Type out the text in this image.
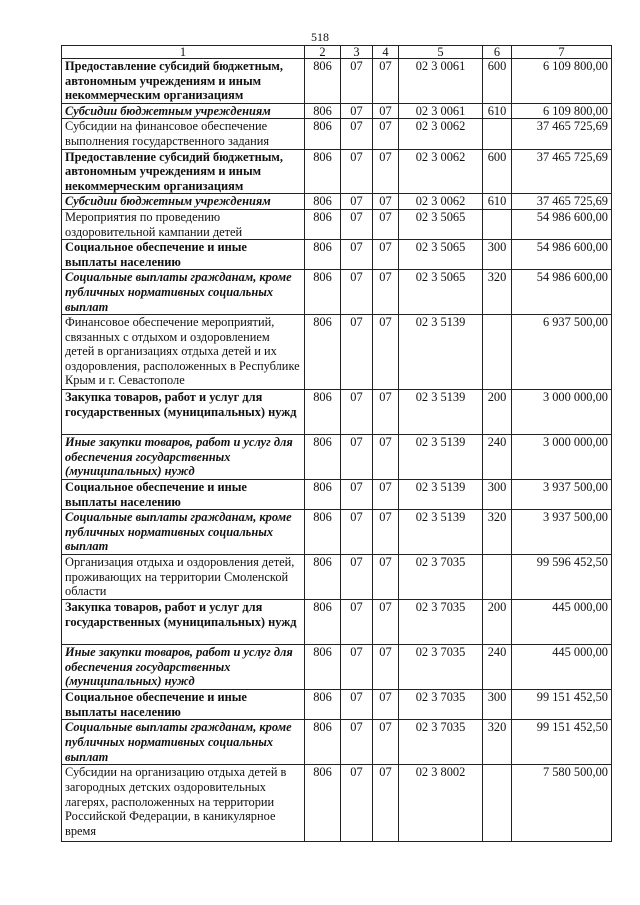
518
1	2	3	4	5	6	7
Предоставление субсидий бюджетным, автономным учреждениям и иным некоммерческим организациям	806	07	07	02 3 0061	600	6 109 800,00
Субсидии бюджетным учреждениям	806	07	07	02 3 0061	610	6 109 800,00
Субсидии на финансовое обеспечение выполнения государственного задания	806	07	07	02 3 0062		37 465 725,69
Предоставление субсидий бюджетным, автономным учреждениям и иным некоммерческим организациям	806	07	07	02 3 0062	600	37 465 725,69
Субсидии бюджетным учреждениям	806	07	07	02 3 0062	610	37 465 725,69
Мероприятия по проведению оздоровительной кампании детей	806	07	07	02 3 5065		54 986 600,00
Социальное обеспечение и иные выплаты населению	806	07	07	02 3 5065	300	54 986 600,00
Социальные выплаты гражданам, кроме публичных нормативных социальных выплат	806	07	07	02 3 5065	320	54 986 600,00
Финансовое обеспечение мероприятий, связанных с отдыхом и оздоровлением детей в организациях отдыха детей и их оздоровления, расположенных в Республике Крым и г. Севастополе	806	07	07	02 3 5139		6 937 500,00
Закупка товаров, работ и услуг для государственных (муниципальных) нужд	806	07	07	02 3 5139	200	3 000 000,00
Иные закупки товаров, работ и услуг для обеспечения государственных (муниципальных) нужд	806	07	07	02 3 5139	240	3 000 000,00
Социальное обеспечение и иные выплаты населению	806	07	07	02 3 5139	300	3 937 500,00
Социальные выплаты гражданам, кроме публичных нормативных социальных выплат	806	07	07	02 3 5139	320	3 937 500,00
Организация отдыха и оздоровления детей, проживающих на территории Смоленской области	806	07	07	02 3 7035		99 596 452,50
Закупка товаров, работ и услуг для государственных (муниципальных) нужд	806	07	07	02 3 7035	200	445 000,00
Иные закупки товаров, работ и услуг для обеспечения государственных (муниципальных) нужд	806	07	07	02 3 7035	240	445 000,00
Социальное обеспечение и иные выплаты населению	806	07	07	02 3 7035	300	99 151 452,50
Социальные выплаты гражданам, кроме публичных нормативных социальных выплат	806	07	07	02 3 7035	320	99 151 452,50
Субсидии на организацию отдыха детей в загородных детских оздоровительных лагерях, расположенных на территории Российской Федерации, в каникулярное время	806	07	07	02 3 8002		7 580 500,00
